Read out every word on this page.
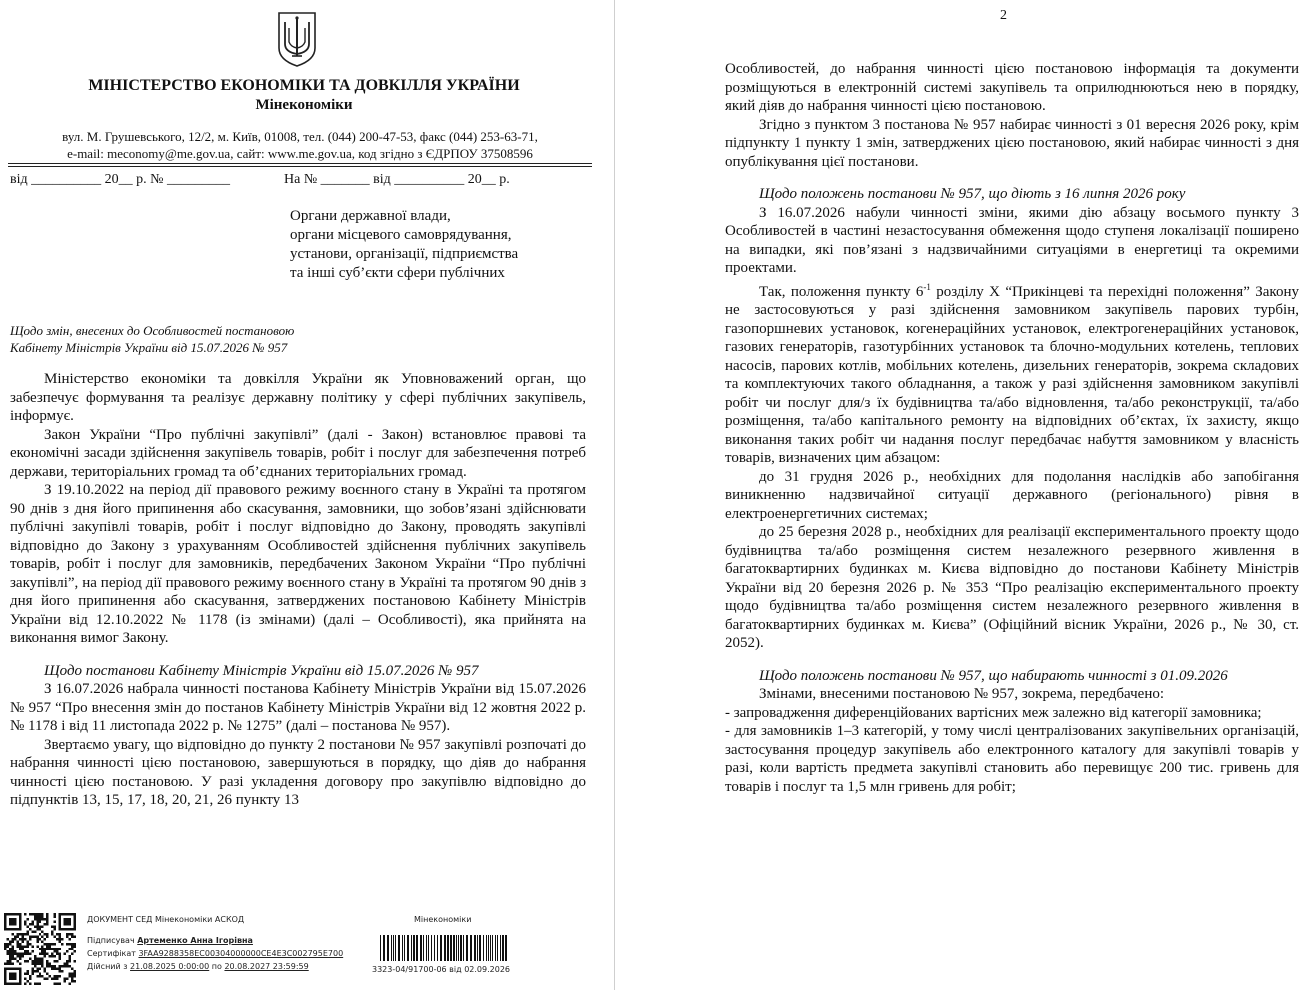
МІНІСТЕРСТВО ЕКОНОМІКИ ТА ДОВКІЛЛЯ УКРАЇНИ
Мінекономіки
вул. М. Грушевського, 12/2, м. Київ, 01008, тел. (044) 200-47-53, факс (044) 253-63-71,
e-mail: meconomy@me.gov.ua, сайт: www.me.gov.ua, код згідно з ЄДРПОУ 37508596
від __________ 20__ р. № _________	На № _______ від __________ 20__ р.
Органи державної влади,
органи місцевого самоврядування,
установи, організації, підприємства
та інші суб’єкти сфери публічних
Щодо змін, внесених до Особливостей постановою
Кабінету Міністрів України від 15.07.2026 № 957

Міністерство економіки та довкілля України як Уповноважений орган, що забезпечує формування та реалізує державну політику у сфері публічних закупівель, інформує.

Закон України “Про публічні закупівлі” (далі - Закон) встановлює правові та економічні засади здійснення закупівель товарів, робіт і послуг для забезпечення потреб держави, територіальних громад та об’єднаних територіальних громад.

З 19.10.2022 на період дії правового режиму воєнного стану в Україні та протягом 90 днів з дня його припинення або скасування, замовники, що зобов’язані здійснювати публічні закупівлі товарів, робіт і послуг відповідно до Закону, проводять закупівлі відповідно до Закону з урахуванням Особливостей здійснення публічних закупівель товарів, робіт і послуг для замовників, передбачених Законом України “Про публічні закупівлі”, на період дії правового режиму воєнного стану в Україні та протягом 90 днів з дня його припинення або скасування, затверджених постановою Кабінету Міністрів України від 12.10.2022 № 1178 (із змінами) (далі – Особливості), яка прийнята на виконання вимог Закону.

Щодо постанови Кабінету Міністрів України від 15.07.2026 № 957

З 16.07.2026 набрала чинності постанова Кабінету Міністрів України від 15.07.2026 № 957 “Про внесення змін до постанов Кабінету Міністрів України від 12 жовтня 2022 р. № 1178 і від 11 листопада 2022 р. № 1275” (далі – постанова № 957).

Звертаємо увагу, що відповідно до пункту 2 постанови № 957 закупівлі розпочаті до набрання чинності цією постановою, завершуються в порядку, що діяв до набрання чинності цією постановою. У разі укладення договору про закупівлю відповідно до підпунктів 13, 15, 17, 18, 20, 21, 26 пункту 13

ДОКУМЕНТ СЕД Мінекономіки АСКОД	Мінекономіки
Підписувач Артеменко Анна Ігорівна
Сертифікат 3FAA9288358EC00304000000CE4E3C002795E700
Дійсний з 21.08.2025 0:00:00 по 20.08.2027 23:59:59	3323-04/91700-06 від 02.09.2026
2

Особливостей, до набрання чинності цією постановою інформація та документи розміщуються в електронній системі закупівель та оприлюднюються нею в порядку, який діяв до набрання чинності цією постановою.

Згідно з пунктом 3 постанова № 957 набирає чинності з 01 вересня 2026 року, крім підпункту 1 пункту 1 змін, затверджених цією постановою, який набирає чинності з дня опублікування цієї постанови.

Щодо положень постанови № 957, що діють з 16 липня 2026 року

З 16.07.2026 набули чинності зміни, якими дію абзацу восьмого пункту 3 Особливостей в частині незастосування обмеження щодо ступеня локалізації поширено на випадки, які пов’язані з надзвичайними ситуаціями в енергетиці та окремими проектами.

Так, положення пункту $6^{-1}$ розділу X “Прикінцеві та перехідні положення” Закону не застосовуються у разі здійснення замовником закупівель парових турбін, газопоршневих установок, когенераційних установок, електрогенераційних установок, газових генераторів, газотурбінних установок та блочно-модульних котелень, теплових насосів, парових котлів, мобільних котелень, дизельних генераторів, зокрема складових та комплектуючих такого обладнання, а також у разі здійснення замовником закупівлі робіт чи послуг для/з їх будівництва та/або відновлення, та/або реконструкції, та/або розміщення, та/або капітального ремонту на відповідних об’єктах, їх захисту, якщо виконання таких робіт чи надання послуг передбачає набуття замовником у власність товарів, визначених цим абзацом:

до 31 грудня 2026 р., необхідних для подолання наслідків або запобігання виникненню надзвичайної ситуації державного (регіонального) рівня в електроенергетичних системах;

до 25 березня 2028 р., необхідних для реалізації експериментального проекту щодо будівництва та/або розміщення систем незалежного резервного живлення в багатоквартирних будинках м. Києва відповідно до постанови Кабінету Міністрів України від 20 березня 2026 р. № 353 “Про реалізацію експериментального проекту щодо будівництва та/або розміщення систем незалежного резервного живлення в багатоквартирних будинках м. Києва” (Офіційний вісник України, 2026 р., № 30, ст. 2052).

Щодо положень постанови № 957, що набирають чинності з 01.09.2026

Змінами, внесеними постановою № 957, зокрема, передбачено:

- запровадження диференційованих вартісних меж залежно від категорії замовника;

- для замовників 1–3 категорій, у тому числі централізованих закупівельних організацій, застосування процедур закупівель або електронного каталогу для закупівлі товарів у разі, коли вартість предмета закупівлі становить або перевищує 200 тис. гривень для товарів і послуг та 1,5 млн гривень для робіт;
